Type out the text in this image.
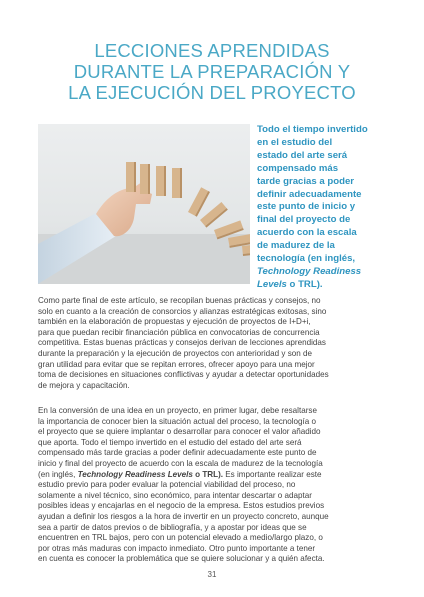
LECCIONES APRENDIDAS
DURANTE LA PREPARACIÓN Y
LA EJECUCIÓN DEL PROYECTO
Todo el tiempo invertido
en el estudio del
estado del arte será
compensado más
tarde gracias a poder
definir adecuadamente
este punto de inicio y
final del proyecto de
acuerdo con la escala
de madurez de la
tecnología (en inglés,
Technology Readiness
Levels o TRL).
Como parte final de este artículo, se recopilan buenas prácticas y consejos, no
solo en cuanto a la creación de consorcios y alianzas estratégicas exitosas, sino
también en la elaboración de propuestas y ejecución de proyectos de I+D+i,
para que puedan recibir financiación pública en convocatorias de concurrencia
competitiva. Estas buenas prácticas y consejos derivan de lecciones aprendidas
durante la preparación y la ejecución de proyectos con anterioridad y son de
gran utilidad para evitar que se repitan errores, ofrecer apoyo para una mejor
toma de decisiones en situaciones conflictivas y ayudar a detectar oportunidades
de mejora y capacitación.
En la conversión de una idea en un proyecto, en primer lugar, debe resaltarse
la importancia de conocer bien la situación actual del proceso, la tecnología o
el proyecto que se quiere implantar o desarrollar para conocer el valor añadido
que aporta. Todo el tiempo invertido en el estudio del estado del arte será
compensado más tarde gracias a poder definir adecuadamente este punto de
inicio y final del proyecto de acuerdo con la escala de madurez de la tecnología
(en inglés, Technology Readiness Levels o TRL). Es importante realizar este
estudio previo para poder evaluar la potencial viabilidad del proceso, no
solamente a nivel técnico, sino económico, para intentar descartar o adaptar
posibles ideas y encajarlas en el negocio de la empresa. Estos estudios previos
ayudan a definir los riesgos a la hora de invertir en un proyecto concreto, aunque
sea a partir de datos previos o de bibliografía, y a apostar por ideas que se
encuentren en TRL bajos, pero con un potencial elevado a medio/largo plazo, o
por otras más maduras con impacto inmediato. Otro punto importante a tener
en cuenta es conocer la problemática que se quiere solucionar y a quién afecta.
31
